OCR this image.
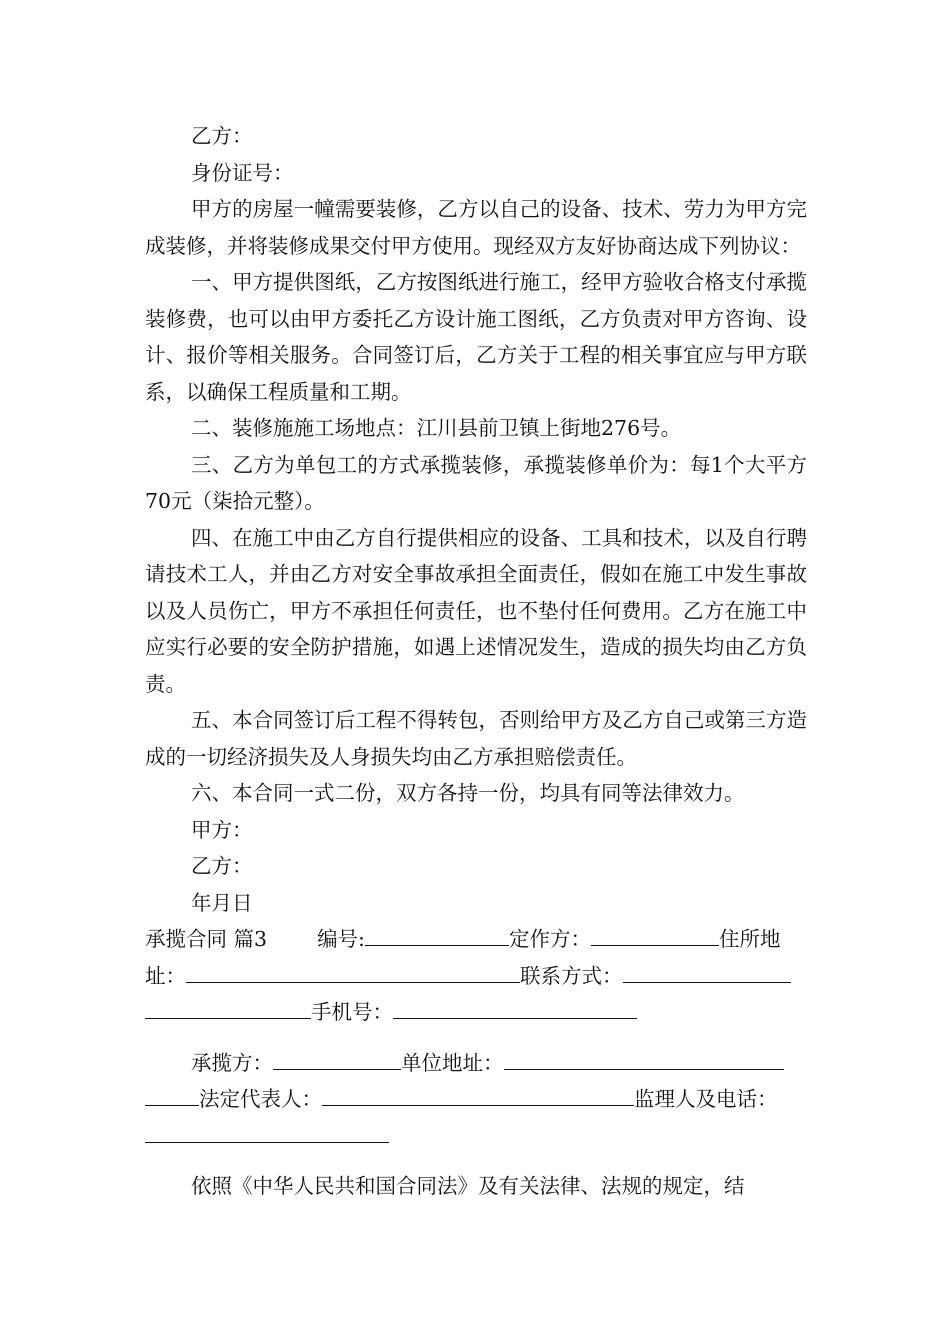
乙方：

身份证号：

甲方的房屋一幢需要装修，乙方以自己的设备、技术、劳力为甲方完成装修，并将装修成果交付甲方使用。现经双方友好协商达成下列协议：

一、甲方提供图纸，乙方按图纸进行施工，经甲方验收合格支付承揽装修费，也可以由甲方委托乙方设计施工图纸，乙方负责对甲方咨询、设计、报价等相关服务。合同签订后，乙方关于工程的相关事宜应与甲方联系，以确保工程质量和工期。

二、装修施施工场地点：江川县前卫镇上街地276号。

三、乙方为单包工的方式承揽装修，承揽装修单价为：每1个大平方70元（柒拾元整）。

四、在施工中由乙方自行提供相应的设备、工具和技术，以及自行聘请技术工人，并由乙方对安全事故承担全面责任，假如在施工中发生事故以及人员伤亡，甲方不承担任何责任，也不垫付任何费用。乙方在施工中应实行必要的安全防护措施，如遇上述情况发生，造成的损失均由乙方负责。

五、本合同签订后工程不得转包，否则给甲方及乙方自己或第三方造成的一切经济损失及人身损失均由乙方承担赔偿责任。

六、本合同一式二份，双方各持一份，均具有同等法律效力。

甲方：

乙方：

年月日

承揽合同 篇3 编号:	定作方：	住所地
址：	联系方式：
手机号：
承揽方：	单位地址：
法定代表人：	监理人及电话：

依照《中华人民共和国合同法》及有关法律、法规的规定，结
